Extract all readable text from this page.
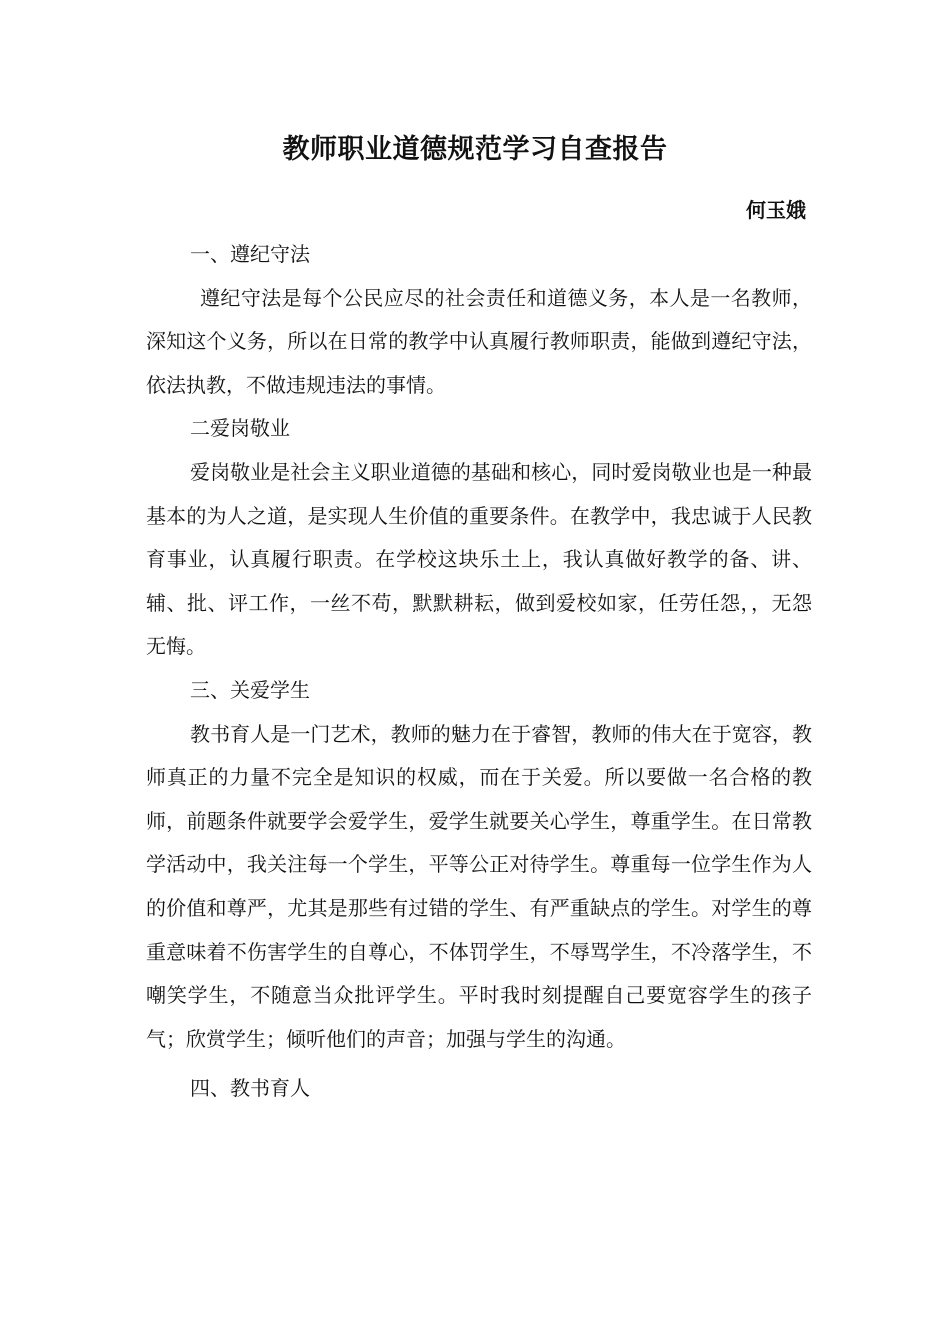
教师职业道德规范学习自查报告
何玉娥

一、遵纪守法

遵纪守法是每个公民应尽的社会责任和道德义务，本人是一名教师，深知这个义务，所以在日常的教学中认真履行教师职责，能做到遵纪守法，依法执教，不做违规违法的事情。

二爱岗敬业

爱岗敬业是社会主义职业道德的基础和核心，同时爱岗敬业也是一种最基本的为人之道，是实现人生价值的重要条件。在教学中，我忠诚于人民教育事业，认真履行职责。在学校这块乐土上，我认真做好教学的备、讲、辅、批、评工作，一丝不苟，默默耕耘，做到爱校如家，任劳任怨，，无怨无悔。

三、关爱学生

教书育人是一门艺术，教师的魅力在于睿智，教师的伟大在于宽容，教师真正的力量不完全是知识的权威，而在于关爱。所以要做一名合格的教师，前题条件就要学会爱学生，爱学生就要关心学生，尊重学生。在日常教学活动中，我关注每一个学生，平等公正对待学生。尊重每一位学生作为人的价值和尊严，尤其是那些有过错的学生、有严重缺点的学生。对学生的尊重意味着不伤害学生的自尊心，不体罚学生，不辱骂学生，不冷落学生，不嘲笑学生，不随意当众批评学生。平时我时刻提醒自己要宽容学生的孩子气；欣赏学生；倾听他们的声音；加强与学生的沟通。

四、教书育人
